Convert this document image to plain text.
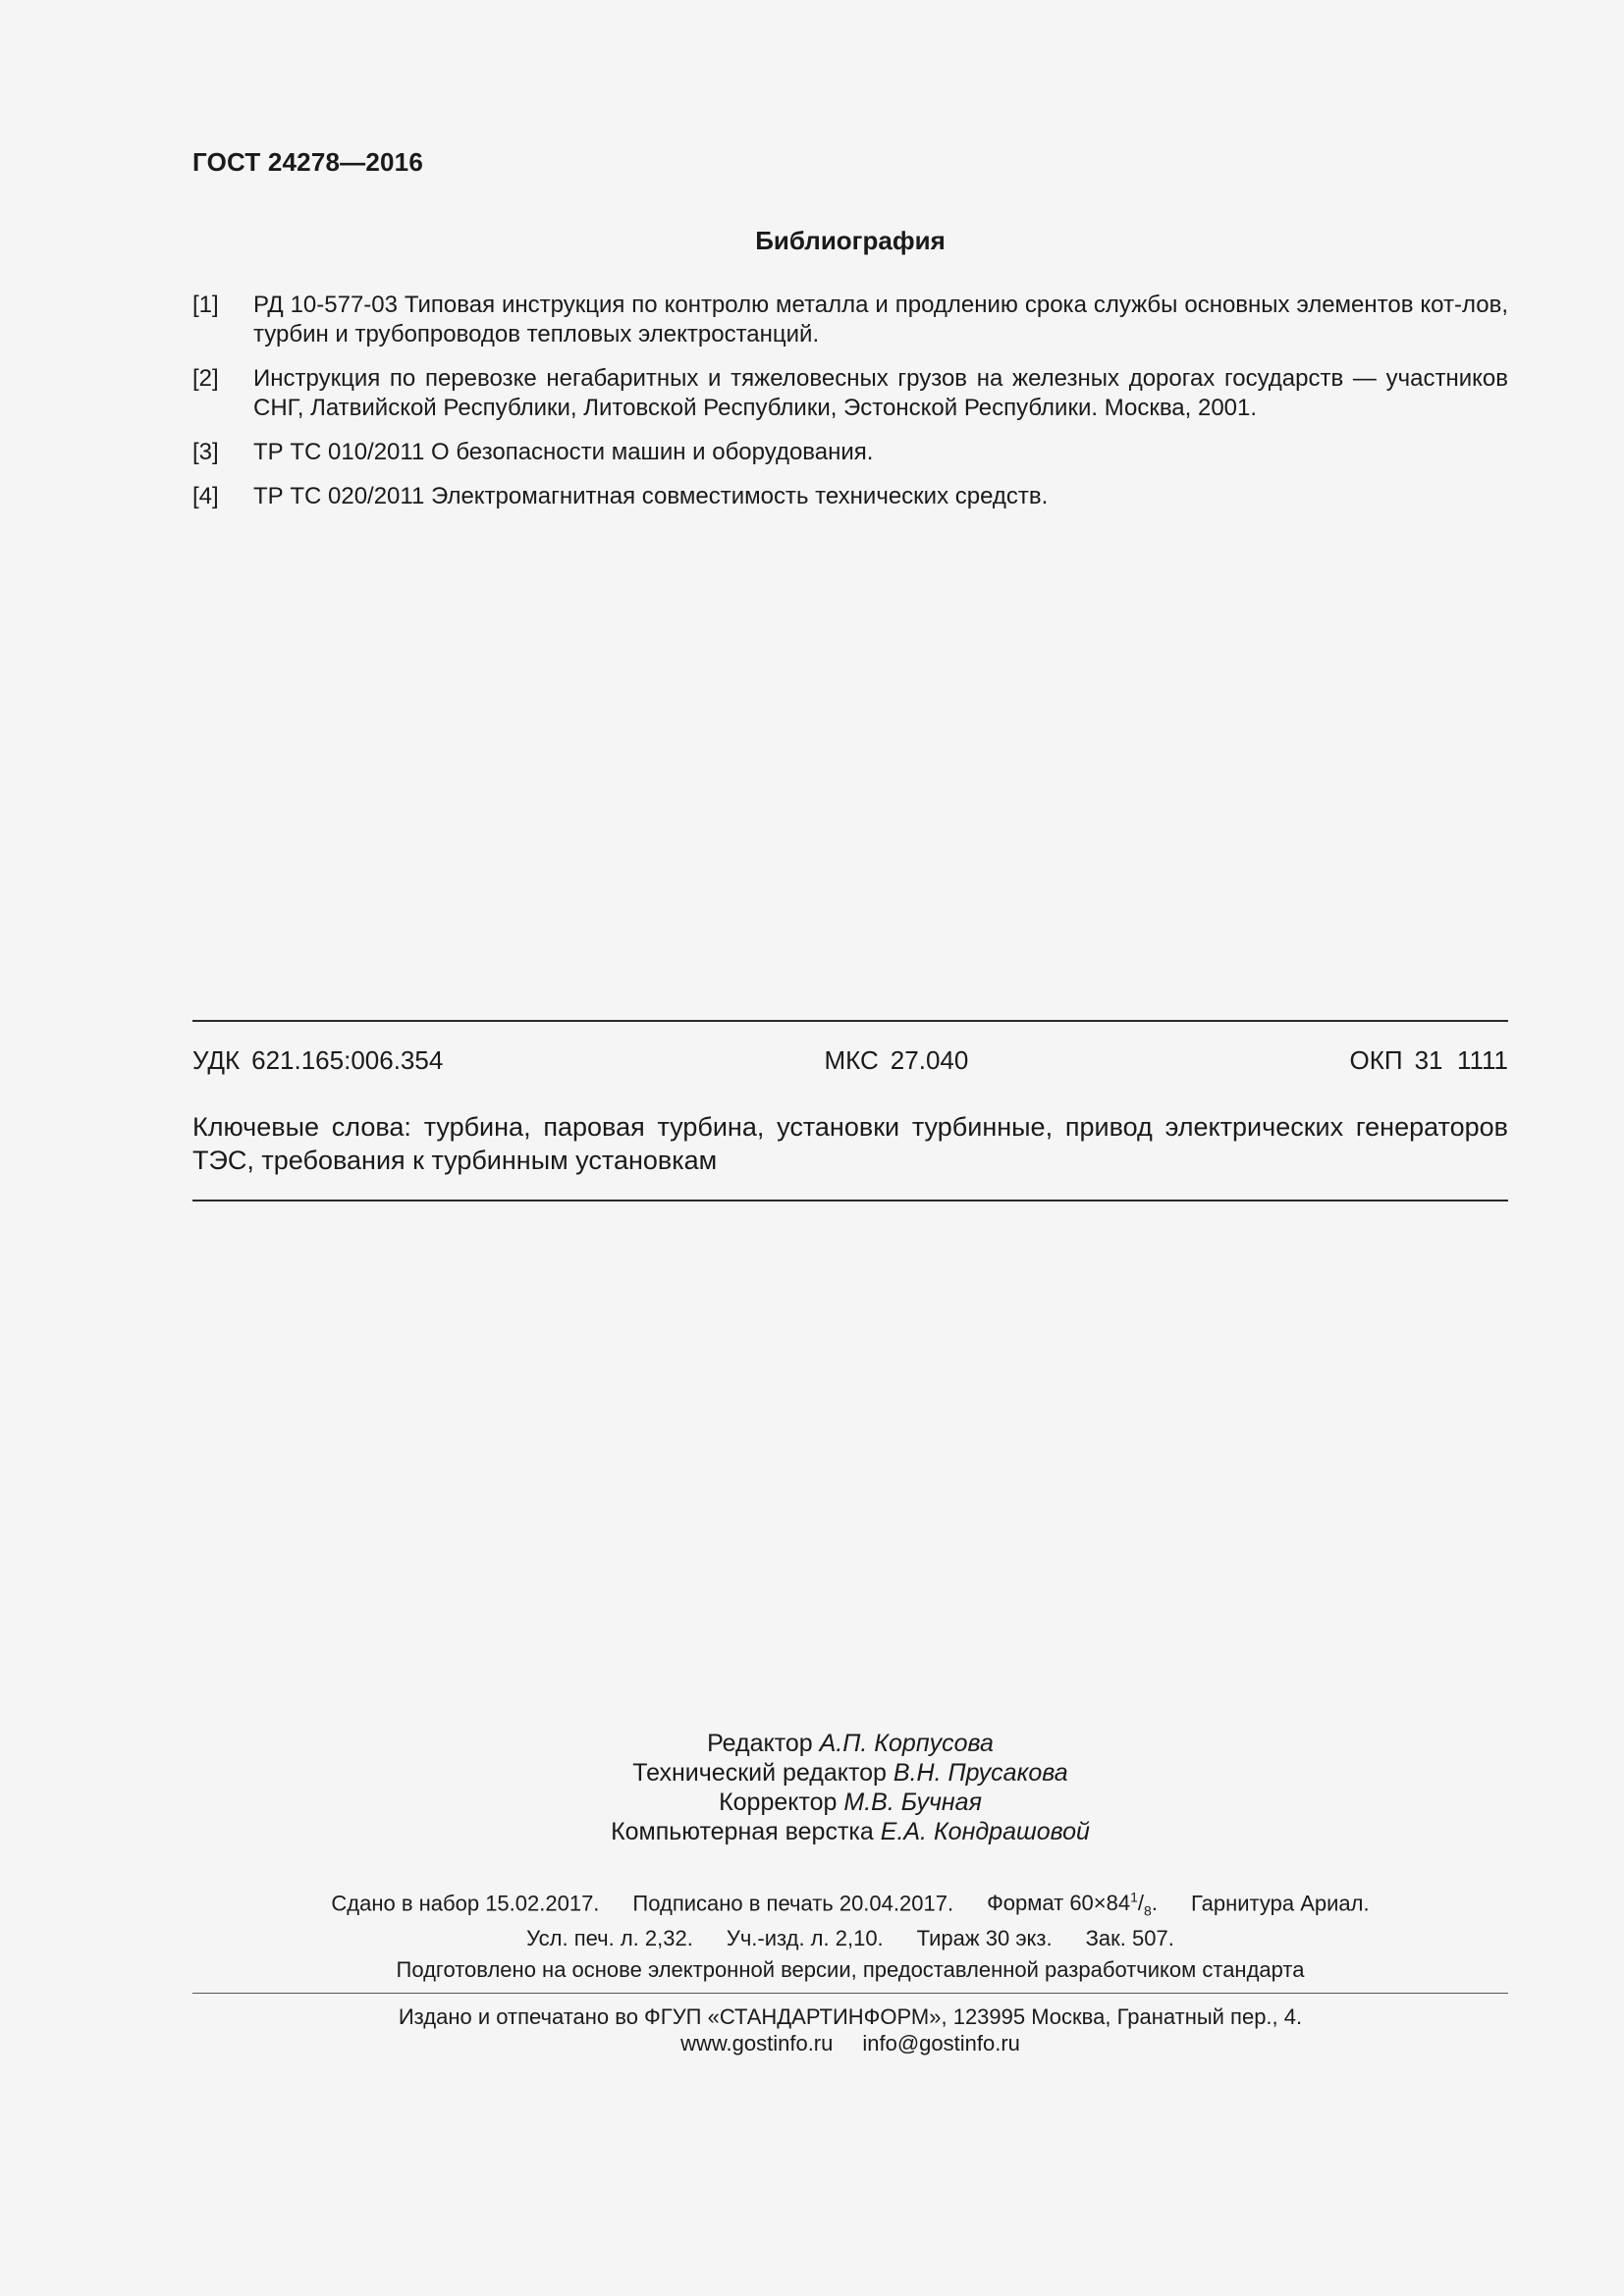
ГОСТ 24278—2016
Библиография
[1]	РД 10-577-03 Типовая инструкция по контролю металла и продлению срока службы основных элементов кот-лов, турбин и трубопроводов тепловых электростанций.
[2]	Инструкция по перевозке негабаритных и тяжеловесных грузов на железных дорогах государств — участников СНГ, Латвийской Республики, Литовской Республики, Эстонской Республики. Москва, 2001.
[3]	ТР ТС 010/2011 О безопасности машин и оборудования.
[4]	ТР ТС 020/2011 Электромагнитная совместимость технических средств.
УДК 621.165:006.354	МКС 27.040	ОКП 31  1111
Ключевые слова: турбина, паровая турбина, установки турбинные, привод электрических генераторов ТЭС, требования к турбинным установкам
Редактор А.П. Корпусова
Технический редактор В.Н. Прусакова
Корректор М.В. Бучная
Компьютерная верстка Е.А. Кондрашовой
Сдано в набор 15.02.2017. Подписано в печать 20.04.2017. Формат $60\times 84^1/_8$. Гарнитура Ариал.
Усл. печ. л. 2,32. Уч.-изд. л. 2,10. Тираж 30 экз. Зак. 507.
Подготовлено на основе электронной версии, предоставленной разработчиком стандарта
Издано и отпечатано во ФГУП «СТАНДАРТИНФОРМ», 123995 Москва, Гранатный пер., 4.
www.gostinfo.ru info@gostinfo.ru
